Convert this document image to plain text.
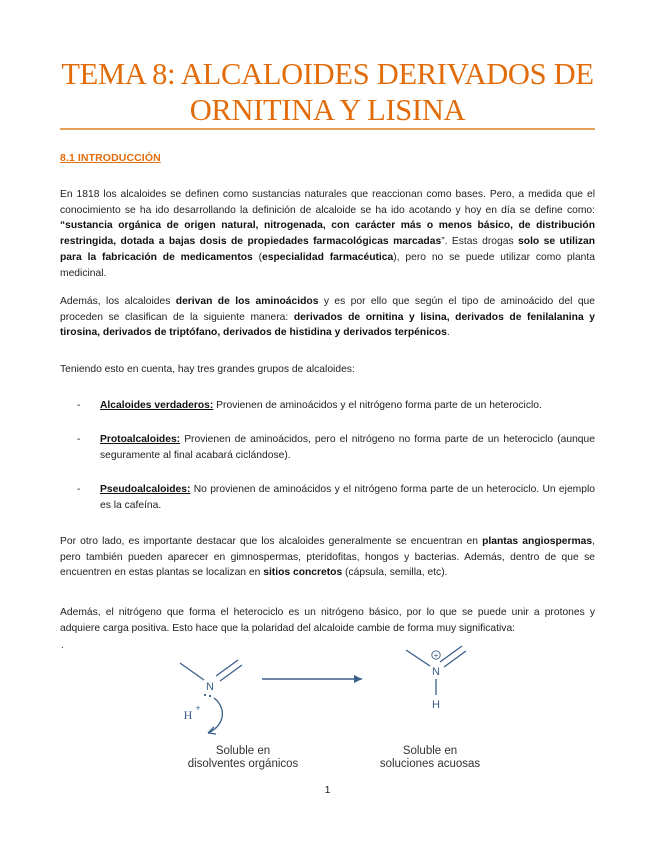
TEMA 8: ALCALOIDES DERIVADOS DE
ORNITINA Y LISINA
8.1 INTRODUCCIÓN
En 1818 los alcaloides se definen como sustancias naturales que reaccionan como bases. Pero, a medida que el conocimiento se ha ido desarrollando la definición de alcaloide se ha ido acotando y hoy en día se define como: “sustancia orgánica de origen natural, nitrogenada, con carácter más o menos básico, de distribución restringida, dotada a bajas dosis de propiedades farmacológicas marcadas”. Estas drogas solo se utilizan para la fabricación de medicamentos (especialidad farmacéutica), pero no se puede utilizar como planta medicinal.
Además, los alcaloides derivan de los aminoácidos y es por ello que según el tipo de aminoácido del que proceden se clasifican de la siguiente manera: derivados de ornitina y lisina, derivados de fenilalanina y tirosina, derivados de triptófano, derivados de histidina y derivados terpénicos.
Teniendo esto en cuenta, hay tres grandes grupos de alcaloides:
- Alcaloides verdaderos: Provienen de aminoácidos y el nitrógeno forma parte de un heterociclo.
- Protoalcaloides: Provienen de aminoácidos, pero el nitrógeno no forma parte de un heterociclo (aunque seguramente al final acabará ciclándose).
- Pseudoalcaloides: No provienen de aminoácidos y el nitrógeno forma parte de un heterociclo. Un ejemplo es la cafeína.
Por otro lado, es importante destacar que los alcaloides generalmente se encuentran en plantas angiospermas, pero también pueden aparecer en gimnospermas, pteridofitas, hongos y bacterias. Además, dentro de que se encuentren en estas plantas se localizan en sitios concretos (cápsula, semilla, etc).
Además, el nitrógeno que forma el heterociclo es un nitrógeno básico, por lo que se puede unir a protones y adquiere carga positiva. Esto hace que la polaridad del alcaloide cambie de forma muy significativa:
.
N
H +
+
N
H
Soluble en
disolventes orgánicos
Soluble en
soluciones acuosas
1
